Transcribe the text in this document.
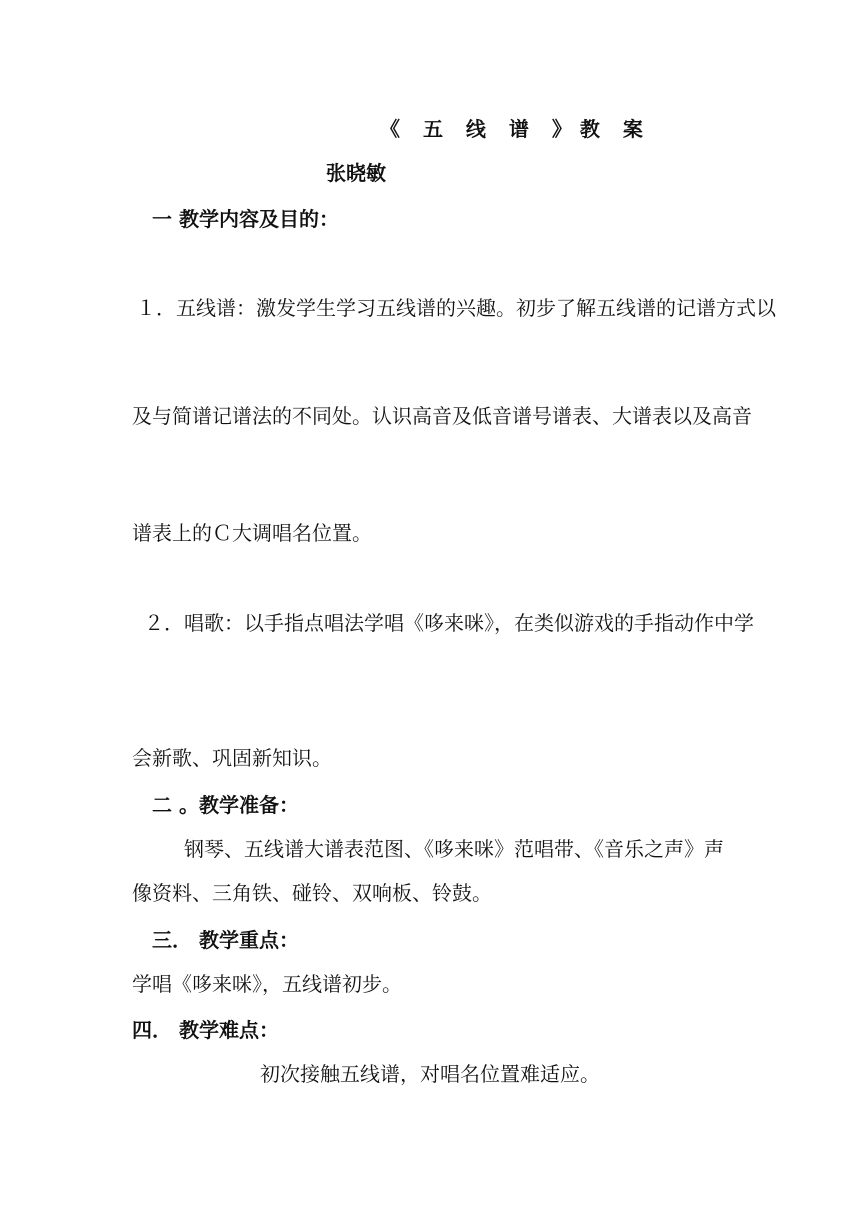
《 五 线 谱 》教 案
张晓敏
一 教学内容及目的：
１．五线谱：激发学生学习五线谱的兴趣。初步了解五线谱的记谱方式以
及与简谱记谱法的不同处。认识高音及低音谱号谱表、大谱表以及高音
谱表上的Ｃ大调唱名位置。
２．唱歌：以手指点唱法学唱《哆来咪》，在类似游戏的手指动作中学
会新歌、巩固新知识。
二 。教学准备：
钢琴、五线谱大谱表范图、《哆来咪》范唱带、《音乐之声》声
像资料、三角铁、碰铃、双响板、铃鼓。
三． 教学重点：
学唱《哆来咪》，五线谱初步。
四． 教学难点：
初次接触五线谱，对唱名位置难适应。
